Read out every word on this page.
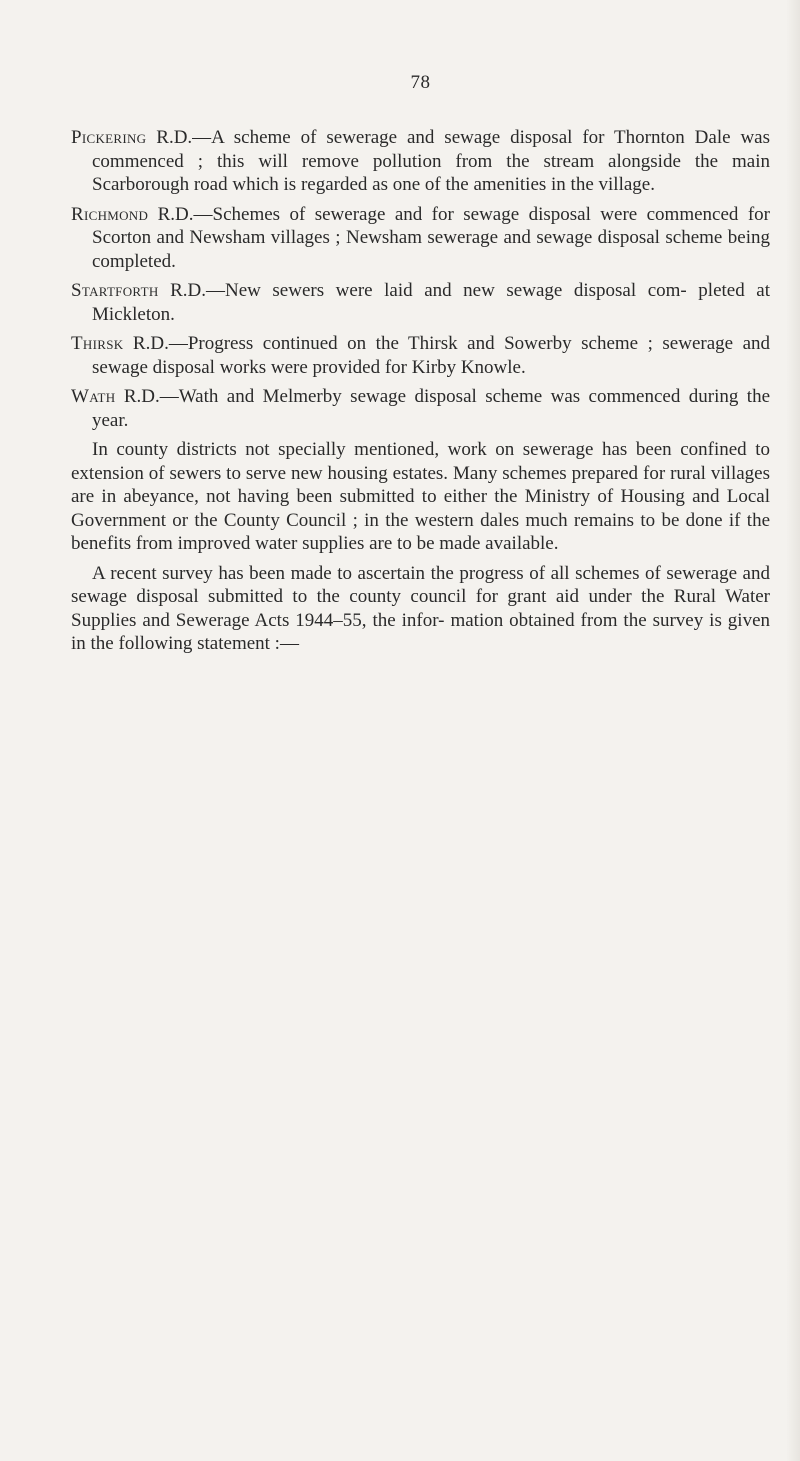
78

Pickering R.D.—A scheme of sewerage and sewage disposal for Thornton Dale was commenced ; this will remove pollution from the stream alongside the main Scarborough road which is regarded as one of the amenities in the village.

Richmond R.D.—Schemes of sewerage and for sewage disposal were commenced for Scorton and Newsham villages ; Newsham sewerage and sewage disposal scheme being completed.

Startforth R.D.—New sewers were laid and new sewage disposal com- pleted at Mickleton.

Thirsk R.D.—Progress continued on the Thirsk and Sowerby scheme ; sewerage and sewage disposal works were provided for Kirby Knowle.

Wath R.D.—Wath and Melmerby sewage disposal scheme was commenced during the year.

In county districts not specially mentioned, work on sewerage has been confined to extension of sewers to serve new housing estates. Many schemes prepared for rural villages are in abeyance, not having been submitted to either the Ministry of Housing and Local Government or the County Council ; in the western dales much remains to be done if the benefits from improved water supplies are to be made available.

A recent survey has been made to ascertain the progress of all schemes of sewerage and sewage disposal submitted to the county council for grant aid under the Rural Water Supplies and Sewerage Acts 1944–55, the infor- mation obtained from the survey is given in the following statement :—
